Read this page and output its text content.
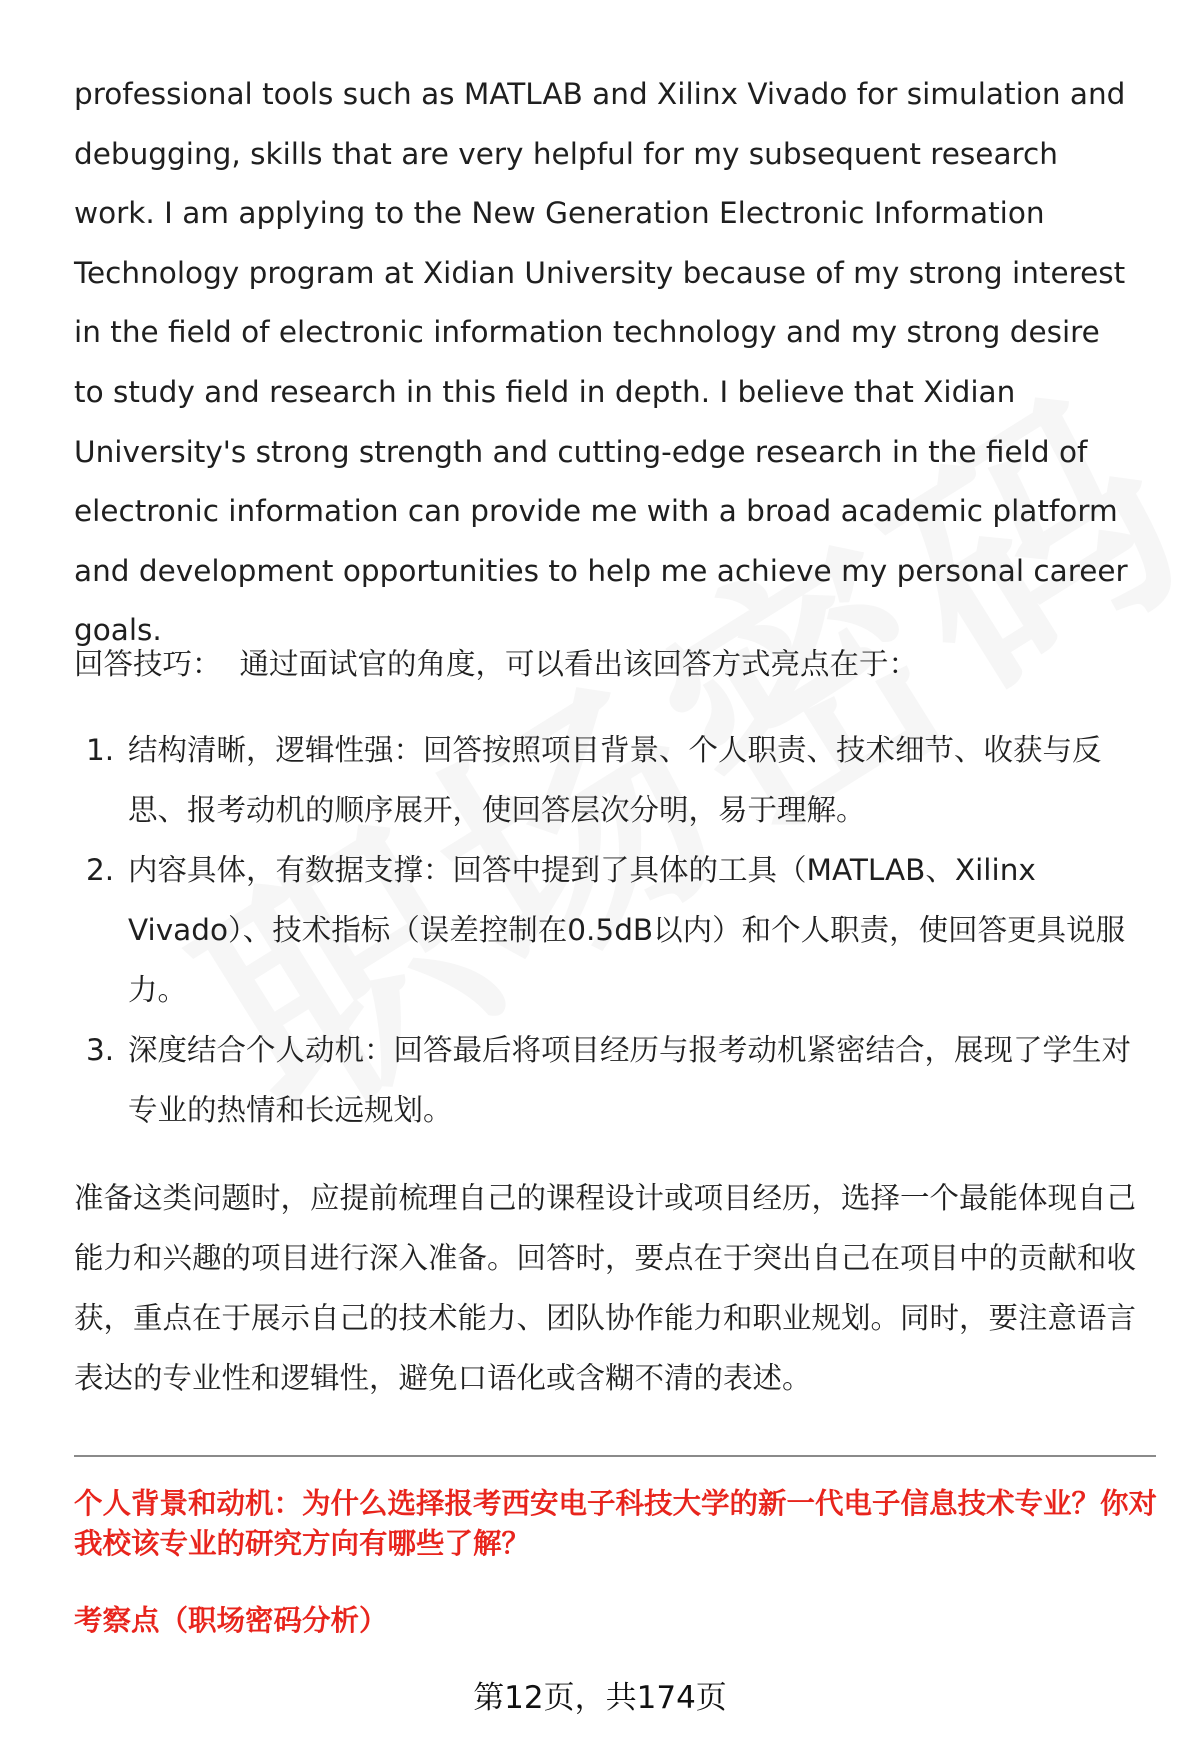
professional tools such as MATLAB and Xilinx Vivado for simulation and debugging, skills that are very helpful for my subsequent research work. I am applying to the New Generation Electronic Information Technology program at Xidian University because of my strong interest in the field of electronic information technology and my strong desire to study and research in this field in depth. I believe that Xidian University's strong strength and cutting-edge research in the field of electronic information can provide me with a broad academic platform and development opportunities to help me achieve my personal career goals.

回答技巧： 通过面试官的角度，可以看出该回答方式亮点在于：

1. 结构清晰，逻辑性强：回答按照项目背景、个人职责、技术细节、收获与反思、报考动机的顺序展开，使回答层次分明，易于理解。
2. 内容具体，有数据支撑：回答中提到了具体的工具（MATLAB、Xilinx Vivado）、技术指标（误差控制在0.5dB以内）和个人职责，使回答更具说服力。
3. 深度结合个人动机：回答最后将项目经历与报考动机紧密结合，展现了学生对专业的热情和长远规划。

准备这类问题时，应提前梳理自己的课程设计或项目经历，选择一个最能体现自己能力和兴趣的项目进行深入准备。回答时，要点在于突出自己在项目中的贡献和收获，重点在于展示自己的技术能力、团队协作能力和职业规划。同时，要注意语言表达的专业性和逻辑性，避免口语化或含糊不清的表述。

个人背景和动机：为什么选择报考西安电子科技大学的新一代电子信息技术专业？你对我校该专业的研究方向有哪些了解？

考察点（职场密码分析）

第12页，共174页
